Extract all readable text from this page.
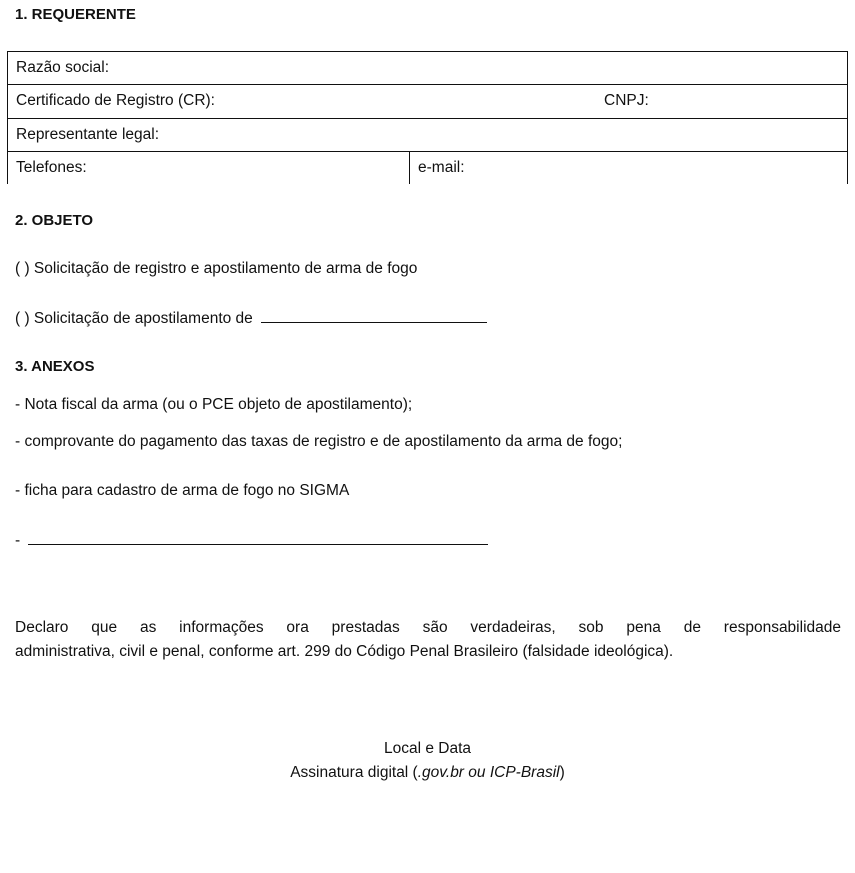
1. REQUERENTE
Razão social:
Certificado de Registro (CR):	CNPJ:

Representante legal:
Telefones:	e-mail:
2. OBJETO
( ) Solicitação de registro e apostilamento de arma de fogo
( ) Solicitação de apostilamento de
3. ANEXOS
- Nota fiscal da arma (ou o PCE objeto de apostilamento);
- comprovante do pagamento das taxas de registro e de apostilamento da arma de fogo;
- ficha para cadastro de arma de fogo no SIGMA
-
Declaro que as informações ora prestadas são verdadeiras, sob pena de responsabilidade
administrativa, civil e penal, conforme art. 299 do Código Penal Brasileiro (falsidade ideológica).
Local e Data
Assinatura digital (.gov.br ou ICP-Brasil)
